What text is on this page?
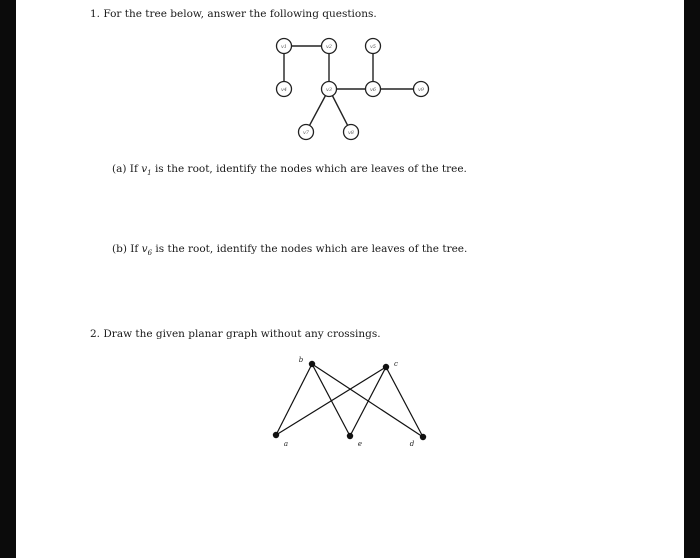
1. For the tree below, answer the following questions.
v1	v2
v3
v4
v5
v6
v7	v8
v9
(a) If $v_1$ is the root, identify the nodes which are leaves of the tree.
(b) If $v_6$ is the root, identify the nodes which are leaves of the tree.
2. Draw the given planar graph without any crossings.
a
b	c
d
e
